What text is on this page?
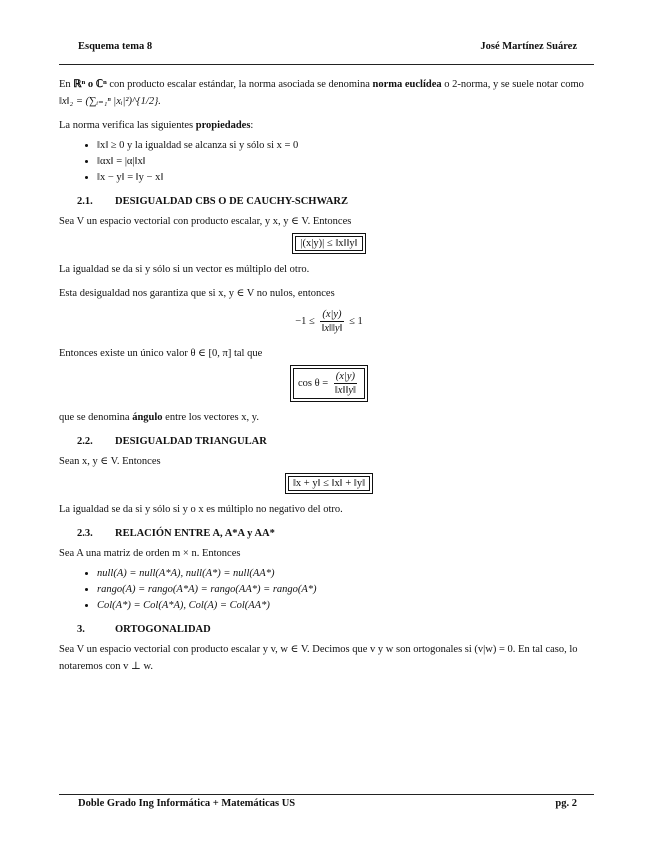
Esquema tema 8	José Martínez Suárez

En ℝⁿ o ℂⁿ con producto escalar estándar, la norma asociada se denomina norma euclídea o 2-norma, y se suele notar como ‖x‖₂ = (∑ᵢ₌₁ⁿ |xᵢ|²)^{1/2}.

La norma verifica las siguientes propiedades:

• ‖x‖ ≥ 0 y la igualdad se alcanza si y sólo si x = 0
• ‖αx‖ = |α|‖x‖
• ‖x − y‖ = ‖y − x‖
2.1. DESIGUALDAD CBS O DE CAUCHY-SCHWARZ

Sea V un espacio vectorial con producto escalar, y x, y ∈ V. Entonces

|(x|y)| ≤ ‖x‖‖y‖

La igualdad se da si y sólo si un vector es múltiplo del otro.

Esta desigualdad nos garantiza que si x, y ∈ V no nulos, entonces

$-1 \le \frac{(x|y)}{‖x‖‖y‖} \le 1$

Entonces existe un único valor θ ∈ [0, π] tal que

$\cos \theta = \frac{(x|y)}{‖x‖‖y‖}$

que se denomina ángulo entre los vectores x, y.

2.2. DESIGUALDAD TRIANGULAR

Sean x, y ∈ V. Entonces

‖x + y‖ ≤ ‖x‖ + ‖y‖

La igualdad se da si y sólo si y o x es múltiplo no negativo del otro.

2.3. RELACIÓN ENTRE A, A*A y AA*

Sea A una matriz de orden m × n. Entonces

• null(A) = null(A*A), null(A*) = null(AA*)
• rango(A) = rango(A*A) = rango(AA*) = rango(A*)
• Col(A*) = Col(A*A), Col(A) = Col(AA*)
3.	ORTOGONALIDAD

Sea V un espacio vectorial con producto escalar y v, w ∈ V. Decimos que v y w son ortogonales si (v|w) = 0. En tal caso, lo notaremos con v ⊥ w.

Doble Grado Ing Informática + Matemáticas US	pg. 2
